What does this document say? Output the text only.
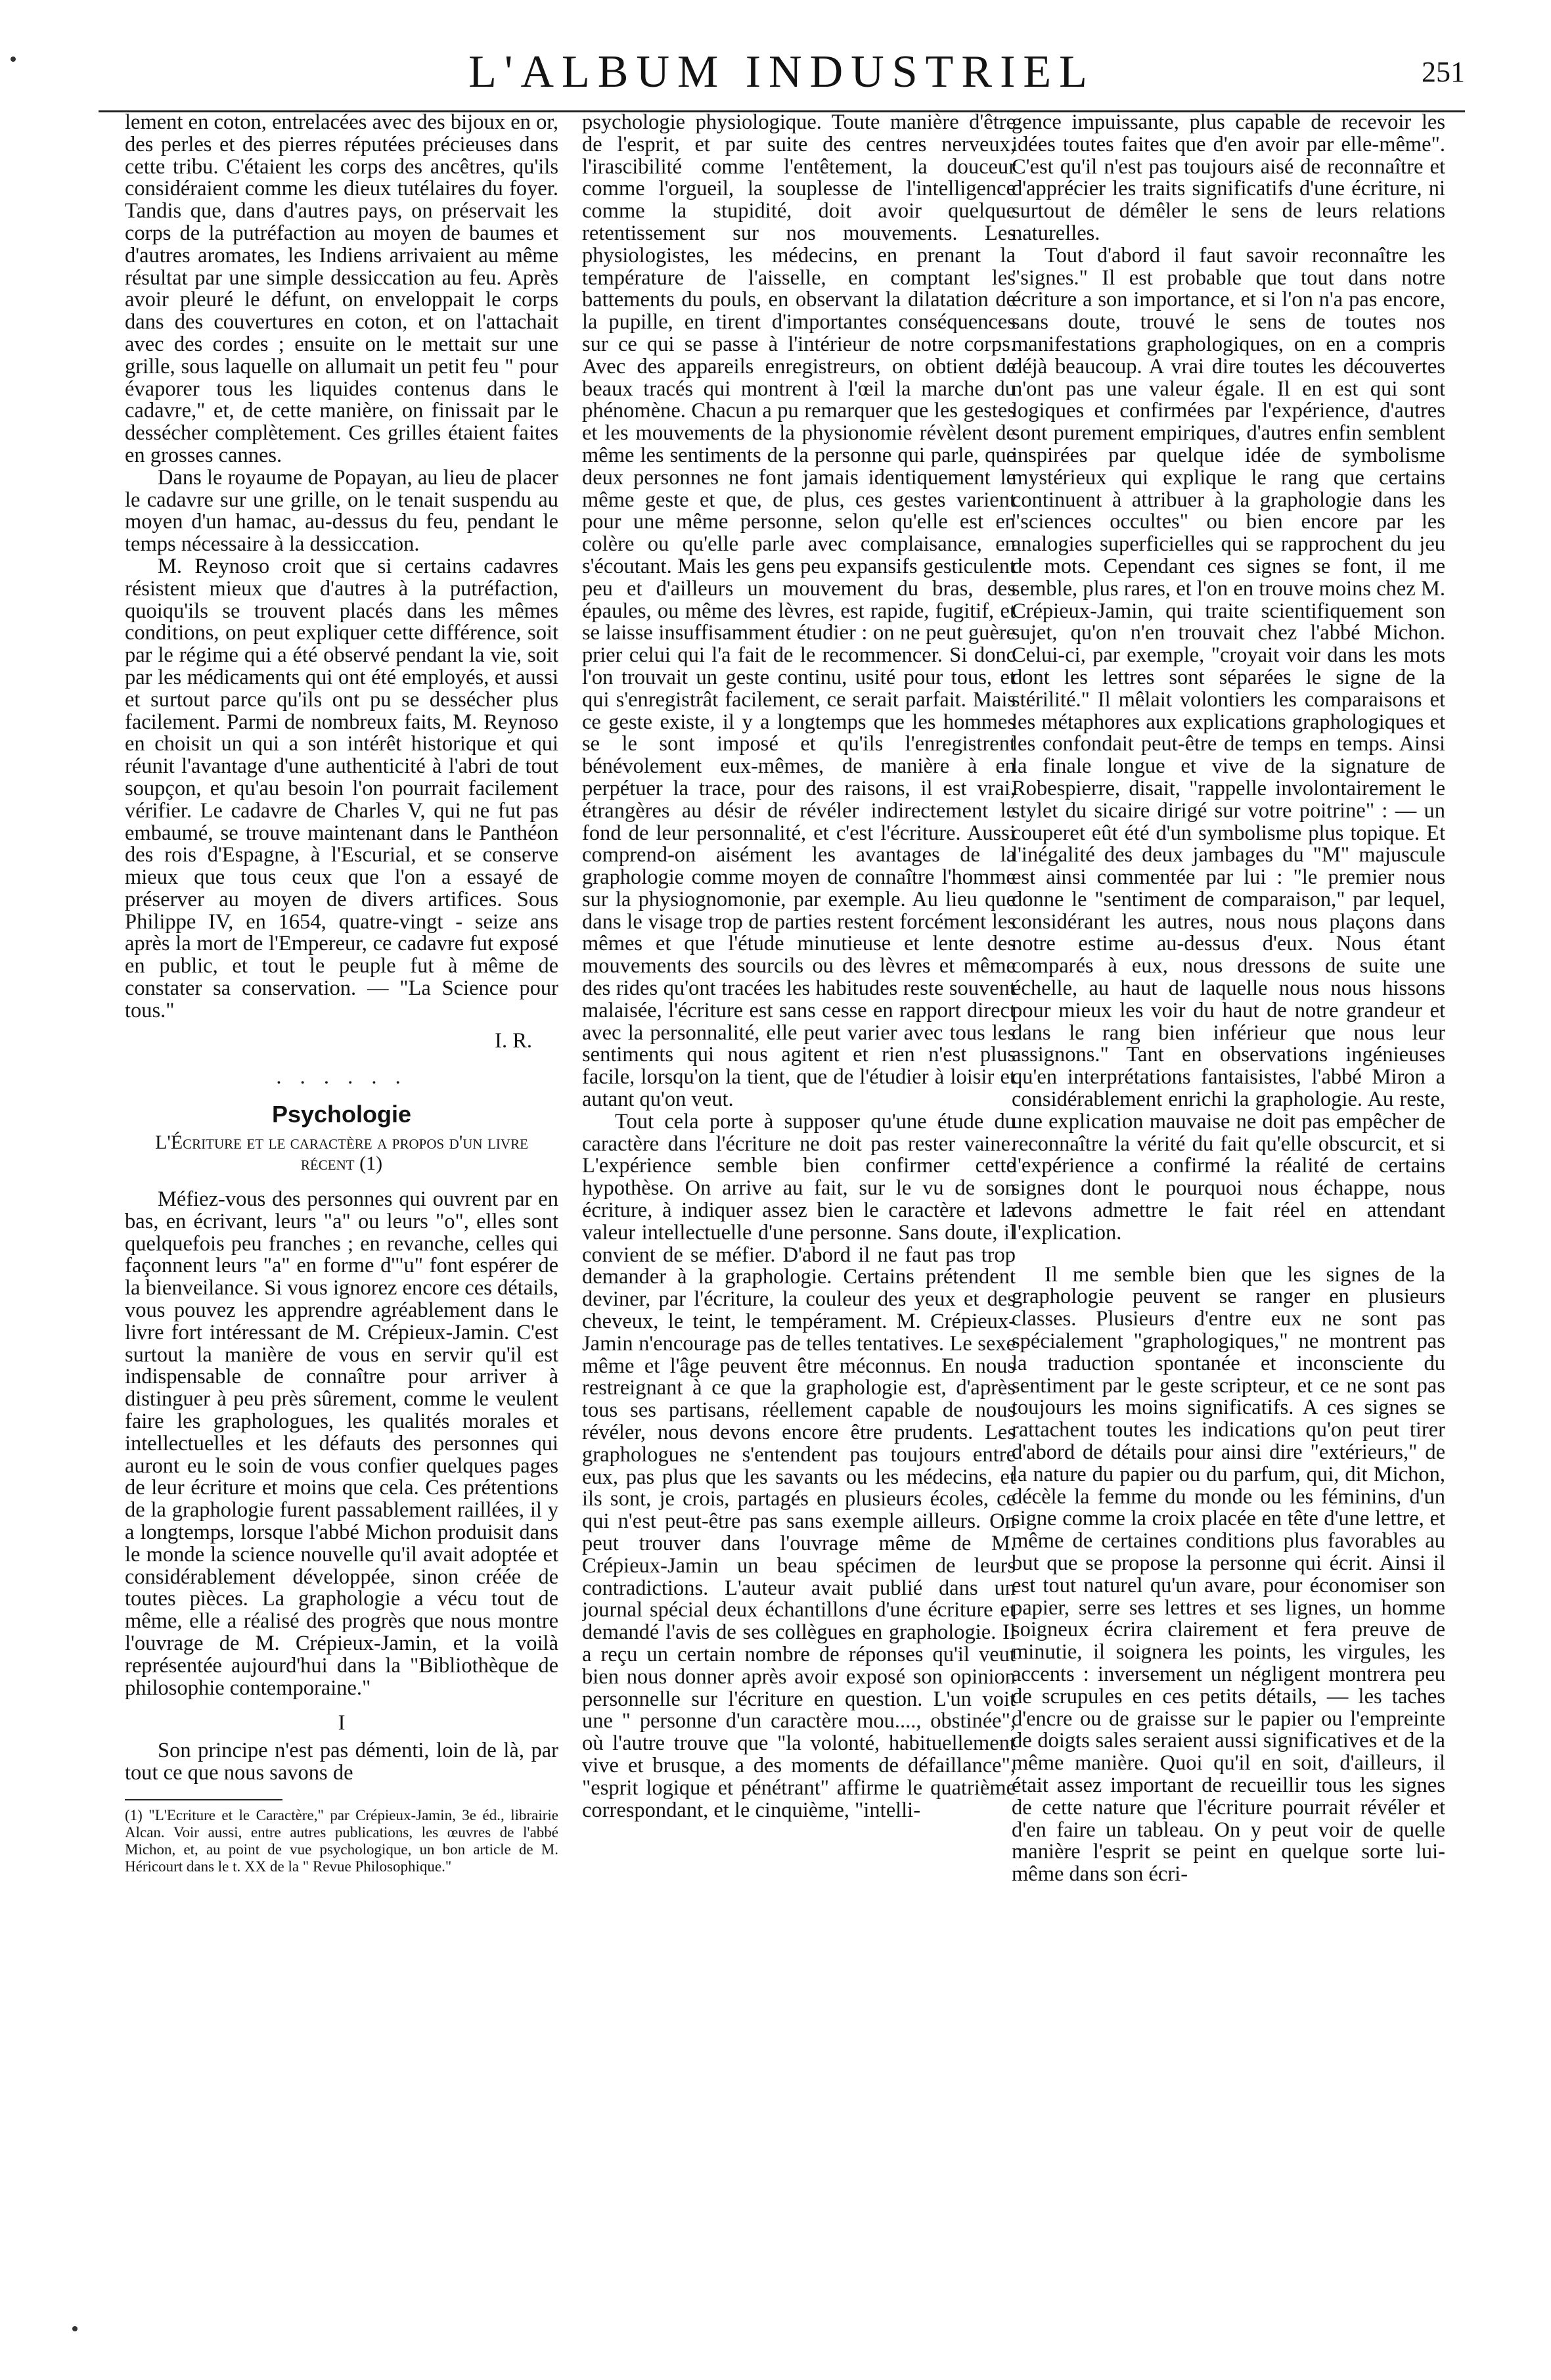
L'ALBUM INDUSTRIEL	251

lement en coton, entrelacées avec des bijoux en or, des perles et des pierres réputées précieuses dans cette tribu. C'étaient les corps des ancêtres, qu'ils considéraient comme les dieux tutélaires du foyer. Tandis que, dans d'autres pays, on préservait les corps de la putréfaction au moyen de baumes et d'autres aromates, les Indiens arrivaient au même résultat par une simple dessiccation au feu. Après avoir pleuré le défunt, on enveloppait le corps dans des couvertures en coton, et on l'attachait avec des cordes ; ensuite on le mettait sur une grille, sous laquelle on allumait un petit feu " pour évaporer tous les liquides contenus dans le cadavre," et, de cette manière, on finissait par le dessécher complètement. Ces grilles étaient faites en grosses cannes.

Dans le royaume de Popayan, au lieu de placer le cadavre sur une grille, on le tenait suspendu au moyen d'un hamac, au-dessus du feu, pendant le temps nécessaire à la dessiccation.

M. Reynoso croit que si certains cadavres résistent mieux que d'autres à la putréfaction, quoiqu'ils se trouvent placés dans les mêmes conditions, on peut expliquer cette différence, soit par le régime qui a été observé pendant la vie, soit par les médicaments qui ont été employés, et aussi et surtout parce qu'ils ont pu se dessécher plus facilement. Parmi de nombreux faits, M. Reynoso en choisit un qui a son intérêt historique et qui réunit l'avantage d'une authenticité à l'abri de tout soupçon, et qu'au besoin l'on pourrait facilement vérifier. Le cadavre de Charles V, qui ne fut pas embaumé, se trouve maintenant dans le Panthéon des rois d'Espagne, à l'Escurial, et se conserve mieux que tous ceux que l'on a essayé de préserver au moyen de divers artifices. Sous Philippe IV, en 1654, quatre-vingt - seize ans après la mort de l'Empereur, ce cadavre fut exposé en public, et tout le peuple fut à même de constater sa conservation. — "La Science pour tous."

I. R.

. . . . . .

Psychologie

L'Écriture et le caractère a propos d'un livre récent (1)

Méfiez-vous des personnes qui ouvrent par en bas, en écrivant, leurs "a" ou leurs "o", elles sont quelquefois peu franches ; en revanche, celles qui façonnent leurs "a" en forme d'"u" font espérer de la bienveilance. Si vous ignorez encore ces détails, vous pouvez les apprendre agréablement dans le livre fort intéressant de M. Crépieux-Jamin. C'est surtout la manière de vous en servir qu'il est indispensable de connaître pour arriver à distinguer à peu près sûrement, comme le veulent faire les graphologues, les qualités morales et intellectuelles et les défauts des personnes qui auront eu le soin de vous confier quelques pages de leur écriture et moins que cela. Ces prétentions de la graphologie furent passablement raillées, il y a longtemps, lorsque l'abbé Michon produisit dans le monde la science nouvelle qu'il avait adoptée et considérablement développée, sinon créée de toutes pièces. La graphologie a vécu tout de même, elle a réalisé des progrès que nous montre l'ouvrage de M. Crépieux-Jamin, et la voilà représentée aujourd'hui dans la "Bibliothèque de philosophie contemporaine."

I

Son principe n'est pas démenti, loin de là, par tout ce que nous savons de

(1) "L'Ecriture et le Caractère," par Crépieux-Jamin, 3e éd., librairie Alcan. Voir aussi, entre autres publications, les œuvres de l'abbé Michon, et, au point de vue psychologique, un bon article de M. Héricourt dans le t. XX de la " Revue Philosophique."

psychologie physiologique. Toute manière d'être de l'esprit, et par suite des centres nerveux, l'irascibilité comme l'entêtement, la douceur comme l'orgueil, la souplesse de l'intelligence comme la stupidité, doit avoir quelque retentissement sur nos mouvements. Les physiologistes, les médecins, en prenant la température de l'aisselle, en comptant les battements du pouls, en observant la dilatation de la pupille, en tirent d'importantes conséquences sur ce qui se passe à l'intérieur de notre corps. Avec des appareils enregistreurs, on obtient de beaux tracés qui montrent à l'œil la marche du phénomène. Chacun a pu remarquer que les gestes et les mouvements de la physionomie révèlent de même les sentiments de la personne qui parle, que deux personnes ne font jamais identiquement le même geste et que, de plus, ces gestes varient pour une même personne, selon qu'elle est en colère ou qu'elle parle avec complaisance, en s'écoutant. Mais les gens peu expansifs gesticulent peu et d'ailleurs un mouvement du bras, des épaules, ou même des lèvres, est rapide, fugitif, et se laisse insuffisamment étudier : on ne peut guère prier celui qui l'a fait de le recommencer. Si donc l'on trouvait un geste continu, usité pour tous, et qui s'enregistrât facilement, ce serait parfait. Mais ce geste existe, il y a longtemps que les hommes se le sont imposé et qu'ils l'enregistrent bénévolement eux-mêmes, de manière à en perpétuer la trace, pour des raisons, il est vrai, étrangères au désir de révéler indirectement le fond de leur personnalité, et c'est l'écriture. Aussi comprend-on aisément les avantages de la graphologie comme moyen de connaître l'homme sur la physiognomonie, par exemple. Au lieu que dans le visage trop de parties restent forcément les mêmes et que l'étude minutieuse et lente des mouvements des sourcils ou des lèvres et même des rides qu'ont tracées les habitudes reste souvent malaisée, l'écriture est sans cesse en rapport direct avec la personnalité, elle peut varier avec tous les sentiments qui nous agitent et rien n'est plus facile, lorsqu'on la tient, que de l'étudier à loisir et autant qu'on veut.

Tout cela porte à supposer qu'une étude du caractère dans l'écriture ne doit pas rester vaine. L'expérience semble bien confirmer cette hypothèse. On arrive au fait, sur le vu de son écriture, à indiquer assez bien le caractère et la valeur intellectuelle d'une personne. Sans doute, il convient de se méfier. D'abord il ne faut pas trop demander à la graphologie. Certains prétendent deviner, par l'écriture, la couleur des yeux et des cheveux, le teint, le tempérament. M. Crépieux-Jamin n'encourage pas de telles tentatives. Le sexe même et l'âge peuvent être méconnus. En nous restreignant à ce que la graphologie est, d'après tous ses partisans, réellement capable de nous révéler, nous devons encore être prudents. Les graphologues ne s'entendent pas toujours entre eux, pas plus que les savants ou les médecins, et ils sont, je crois, partagés en plusieurs écoles, ce qui n'est peut-être pas sans exemple ailleurs. On peut trouver dans l'ouvrage même de M. Crépieux-Jamin un beau spécimen de leurs contradictions. L'auteur avait publié dans un journal spécial deux échantillons d'une écriture et demandé l'avis de ses collègues en graphologie. Il a reçu un certain nombre de réponses qu'il veut bien nous donner après avoir exposé son opinion personnelle sur l'écriture en question. L'un voit une " personne d'un caractère mou...., obstinée", où l'autre trouve que "la volonté, habituellement vive et brusque, a des moments de défaillance", "esprit logique et pénétrant" affirme le quatrième correspondant, et le cinquième, "intelli-

gence impuissante, plus capable de recevoir les idées toutes faites que d'en avoir par elle-même". C'est qu'il n'est pas toujours aisé de reconnaître et d'apprécier les traits significatifs d'une écriture, ni surtout de démêler le sens de leurs relations naturelles.

Tout d'abord il faut savoir reconnaître les "signes." Il est probable que tout dans notre écriture a son importance, et si l'on n'a pas encore, sans doute, trouvé le sens de toutes nos manifestations graphologiques, on en a compris déjà beaucoup. A vrai dire toutes les découvertes n'ont pas une valeur égale. Il en est qui sont logiques et confirmées par l'expérience, d'autres sont purement empiriques, d'autres enfin semblent inspirées par quelque idée de symbolisme mystérieux qui explique le rang que certains continuent à attribuer à la graphologie dans les "sciences occultes" ou bien encore par les analogies superficielles qui se rapprochent du jeu de mots. Cependant ces signes se font, il me semble, plus rares, et l'on en trouve moins chez M. Crépieux-Jamin, qui traite scientifiquement son sujet, qu'on n'en trouvait chez l'abbé Michon. Celui-ci, par exemple, "croyait voir dans les mots dont les lettres sont séparées le signe de la stérilité." Il mêlait volontiers les comparaisons et les métaphores aux explications graphologiques et les confondait peut-être de temps en temps. Ainsi la finale longue et vive de la signature de Robespierre, disait, "rappelle involontairement le stylet du sicaire dirigé sur votre poitrine" : — un couperet eût été d'un symbolisme plus topique. Et l'inégalité des deux jambages du "M" majuscule est ainsi commentée par lui : "le premier nous donne le "sentiment de comparaison," par lequel, considérant les autres, nous nous plaçons dans notre estime au-dessus d'eux. Nous étant comparés à eux, nous dressons de suite une échelle, au haut de laquelle nous nous hissons pour mieux les voir du haut de notre grandeur et dans le rang bien inférieur que nous leur assignons." Tant en observations ingénieuses qu'en interprétations fantaisistes, l'abbé Miron a considérablement enrichi la graphologie. Au reste, une explication mauvaise ne doit pas empêcher de reconnaître la vérité du fait qu'elle obscurcit, et si l'expérience a confirmé la réalité de certains signes dont le pourquoi nous échappe, nous devons admettre le fait réel en attendant l'explication.

Il me semble bien que les signes de la graphologie peuvent se ranger en plusieurs classes. Plusieurs d'entre eux ne sont pas spécialement "graphologiques," ne montrent pas la traduction spontanée et inconsciente du sentiment par le geste scripteur, et ce ne sont pas toujours les moins significatifs. A ces signes se rattachent toutes les indications qu'on peut tirer d'abord de détails pour ainsi dire "extérieurs," de la nature du papier ou du parfum, qui, dit Michon, décèle la femme du monde ou les féminins, d'un signe comme la croix placée en tête d'une lettre, et même de certaines conditions plus favorables au but que se propose la personne qui écrit. Ainsi il est tout naturel qu'un avare, pour économiser son papier, serre ses lettres et ses lignes, un homme soigneux écrira clairement et fera preuve de minutie, il soignera les points, les virgules, les accents : inversement un négligent montrera peu de scrupules en ces petits détails, — les taches d'encre ou de graisse sur le papier ou l'empreinte de doigts sales seraient aussi significatives et de la même manière. Quoi qu'il en soit, d'ailleurs, il était assez important de recueillir tous les signes de cette nature que l'écriture pourrait révéler et d'en faire un tableau. On y peut voir de quelle manière l'esprit se peint en quelque sorte lui-même dans son écri-
